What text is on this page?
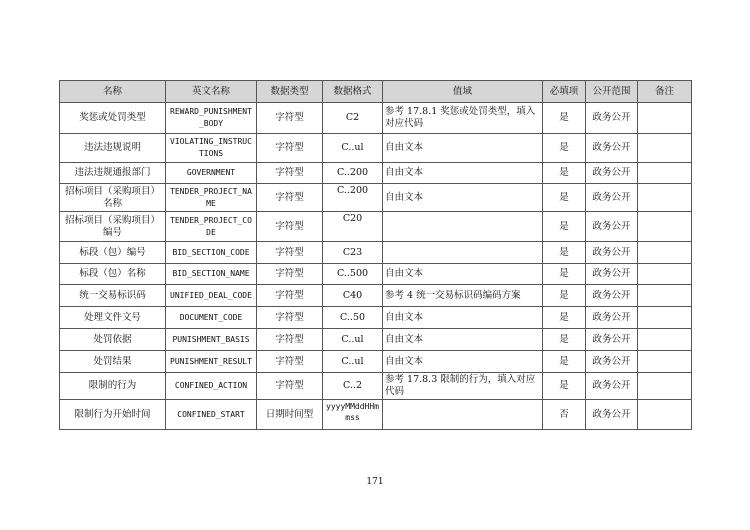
名称	英文名称	数据类型	数据格式	值域	必填项	公开范围	备注
奖惩或处罚类型	REWARD_PUNISHMENT_BODY	字符型	C2	参考 17.8.1 奖惩或处罚类型，填入对应代码	是	政务公开	
违法违规说明	VIOLATING_INSTRUCTIONS	字符型	C..ul	自由文本	是	政务公开	
违法违规通报部门	GOVERNMENT	字符型	C..200	自由文本	是	政务公开	
招标项目（采购项目）名称	TENDER_PROJECT_NAME	字符型	C..200	自由文本	是	政务公开	
招标项目（采购项目）编号	TENDER_PROJECT_CODE	字符型	C20		是	政务公开	
标段（包）编号	BID_SECTION_CODE	字符型	C23		是	政务公开	
标段（包）名称	BID_SECTION_NAME	字符型	C..500	自由文本	是	政务公开	
统一交易标识码	UNIFIED_DEAL_CODE	字符型	C40	参考 4 统一交易标识码编码方案	是	政务公开	
处理文件文号	DOCUMENT_CODE	字符型	C..50	自由文本	是	政务公开	
处罚依据	PUNISHMENT_BASIS	字符型	C..ul	自由文本	是	政务公开	
处罚结果	PUNISHMENT_RESULT	字符型	C..ul	自由文本	是	政务公开	
限制的行为	CONFINED_ACTION	字符型	C..2	参考 17.8.3 限制的行为，填入对应代码	是	政务公开	
限制行为开始时间	CONFINED_START	日期时间型	yyyyMMddHHmmss		否	政务公开	
171
